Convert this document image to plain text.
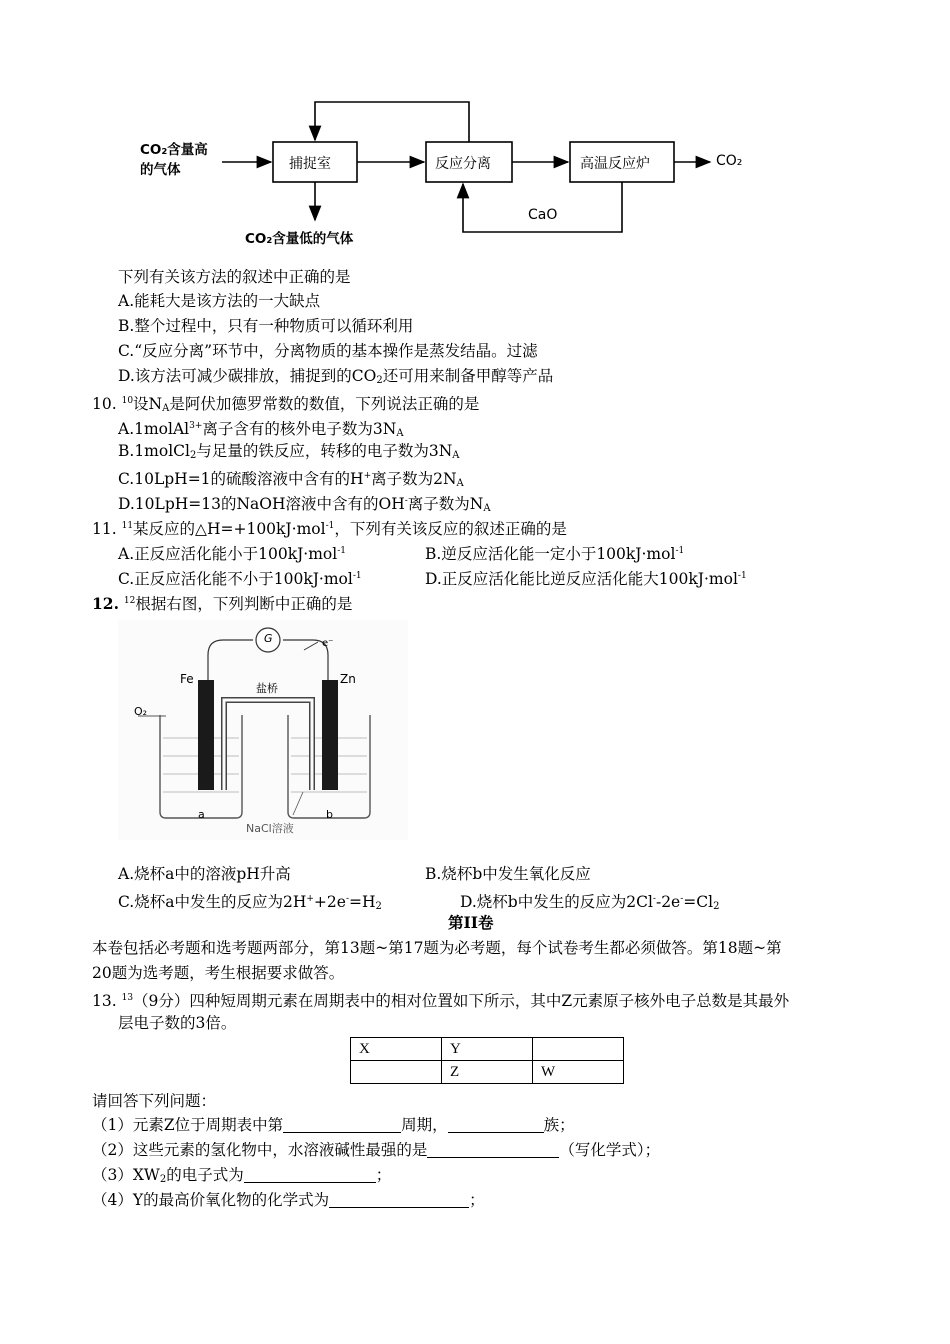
CO₂含量高
的气体	捕捉室	反应分离	高温反应炉	CO₂
CO₂含量低的气体
CaO
下列有关该方法的叙述中正确的是
A.能耗大是该方法的一大缺点
B.整个过程中，只有一种物质可以循环利用
C.“反应分离”环节中，分离物质的基本操作是蒸发结晶。过滤
D.该方法可减少碳排放，捕捉到的$CO_2$还可用来制备甲醇等产品
10. $^{10}$设$N_A$是阿伏加德罗常数的数值，下列说法正确的是
A.1molAl$^{3+}$离子含有的核外电子数为$3N_A$
B.1molCl$_2$与足量的铁反应，转移的电子数为$3N_A$
C.10LpH=1的硫酸溶液中含有的H+离子数为$2N_A$
D.10LpH=13的NaOH溶液中含有的OH-离子数为$N_A$
11. $^{11}$某反应的△H=+100kJ·mol$^{-1}$，下列有关该反应的叙述正确的是
A.正反应活化能小于100kJ·mol$^{-1}$	B.逆反应活化能一定小于100kJ·mol$^{-1}$
C.正反应活化能不小于100kJ·mol$^{-1}$	D.正反应活化能比逆反应活化能大100kJ·mol$^{-1}$
12. $^{12}$根据右图，下列判断中正确的是
G	e⁻
Fe	Zn
盐桥
O₂
a	b
NaCl溶液
A.烧杯a中的溶液pH升高	B.烧杯b中发生氧化反应
C.烧杯a中发生的反应为$2H^++2e^-=H_2$	D.烧杯b中发生的反应为$2Cl^--2e^-=Cl_2$
第II卷
本卷包括必考题和选考题两部分，第13题~第17题为必考题，每个试卷考生都必须做答。第18题~第
20题为选考题，考生根据要求做答。
13. $^{13}$（9分）四种短周期元素在周期表中的相对位置如下所示，其中Z元素原子核外电子总数是其最外
层电子数的3倍。
X	Y	
	Z	W
请回答下列问题：
（1）元素Z位于周期表中第	周期，	族；
（2）这些元素的氢化物中，水溶液碱性最强的是	（写化学式）；
$(3)XW_2$的电子式为	；
（4）Y的最高价氧化物的化学式为	；
